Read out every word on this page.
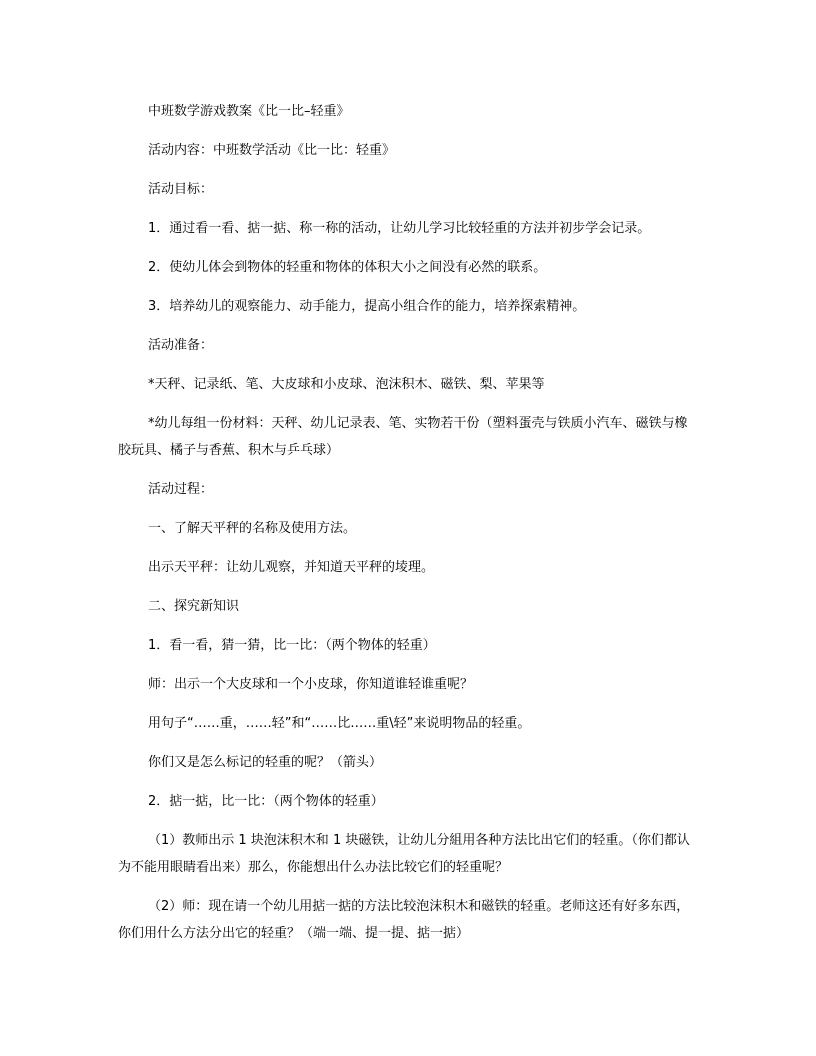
中班数学游戏教案《比一比–轻重》

活动内容：中班数学活动《比一比：轻重》

活动目标：

1．通过看一看、掂一掂、称一称的活动，让幼儿学习比较轻重的方法并初步学会记录。

2．使幼儿体会到物体的轻重和物体的体积大小之间没有必然的联系。

3．培养幼儿的观察能力、动手能力，提高小组合作的能力，培养探索精神。

活动准备：

*天秤、记录纸、笔、大皮球和小皮球、泡沫积木、磁铁、梨、苹果等

*幼儿每组一份材料：天秤、幼儿记录表、笔、实物若干份（塑料蛋壳与铁质小汽车、磁铁与橡胶玩具、橘子与香蕉、积木与乒乓球）

活动过程：

一、了解天平秤的名称及使用方法。

出示天平秤：让幼儿观察，并知道天平秤的堎理。

二、探究新知识

1．看一看，猜一猜，比一比：（两个物体的轻重）

师：出示一个大皮球和一个小皮球，你知道谁轻谁重呢？

用句子“……重，……轻”和“……比……重\轻”来说明物品的轻重。

你们又是怎么标记的轻重的呢？（箭头）

2．掂一掂，比一比：（两个物体的轻重）

（1）教师出示 1 块泡沫积木和 1 块磁铁，让幼儿分組用各种方法比出它们的轻重。（你们都认为不能用眼睛看出来）那么，你能想出什么办法比较它们的轻重呢？

（2）师：现在请一个幼儿用掂一掂的方法比较泡沫积木和磁铁的轻重。老师这还有好多东西，你们用什么方法分出它的轻重？（端一端、提一提、掂一掂）
